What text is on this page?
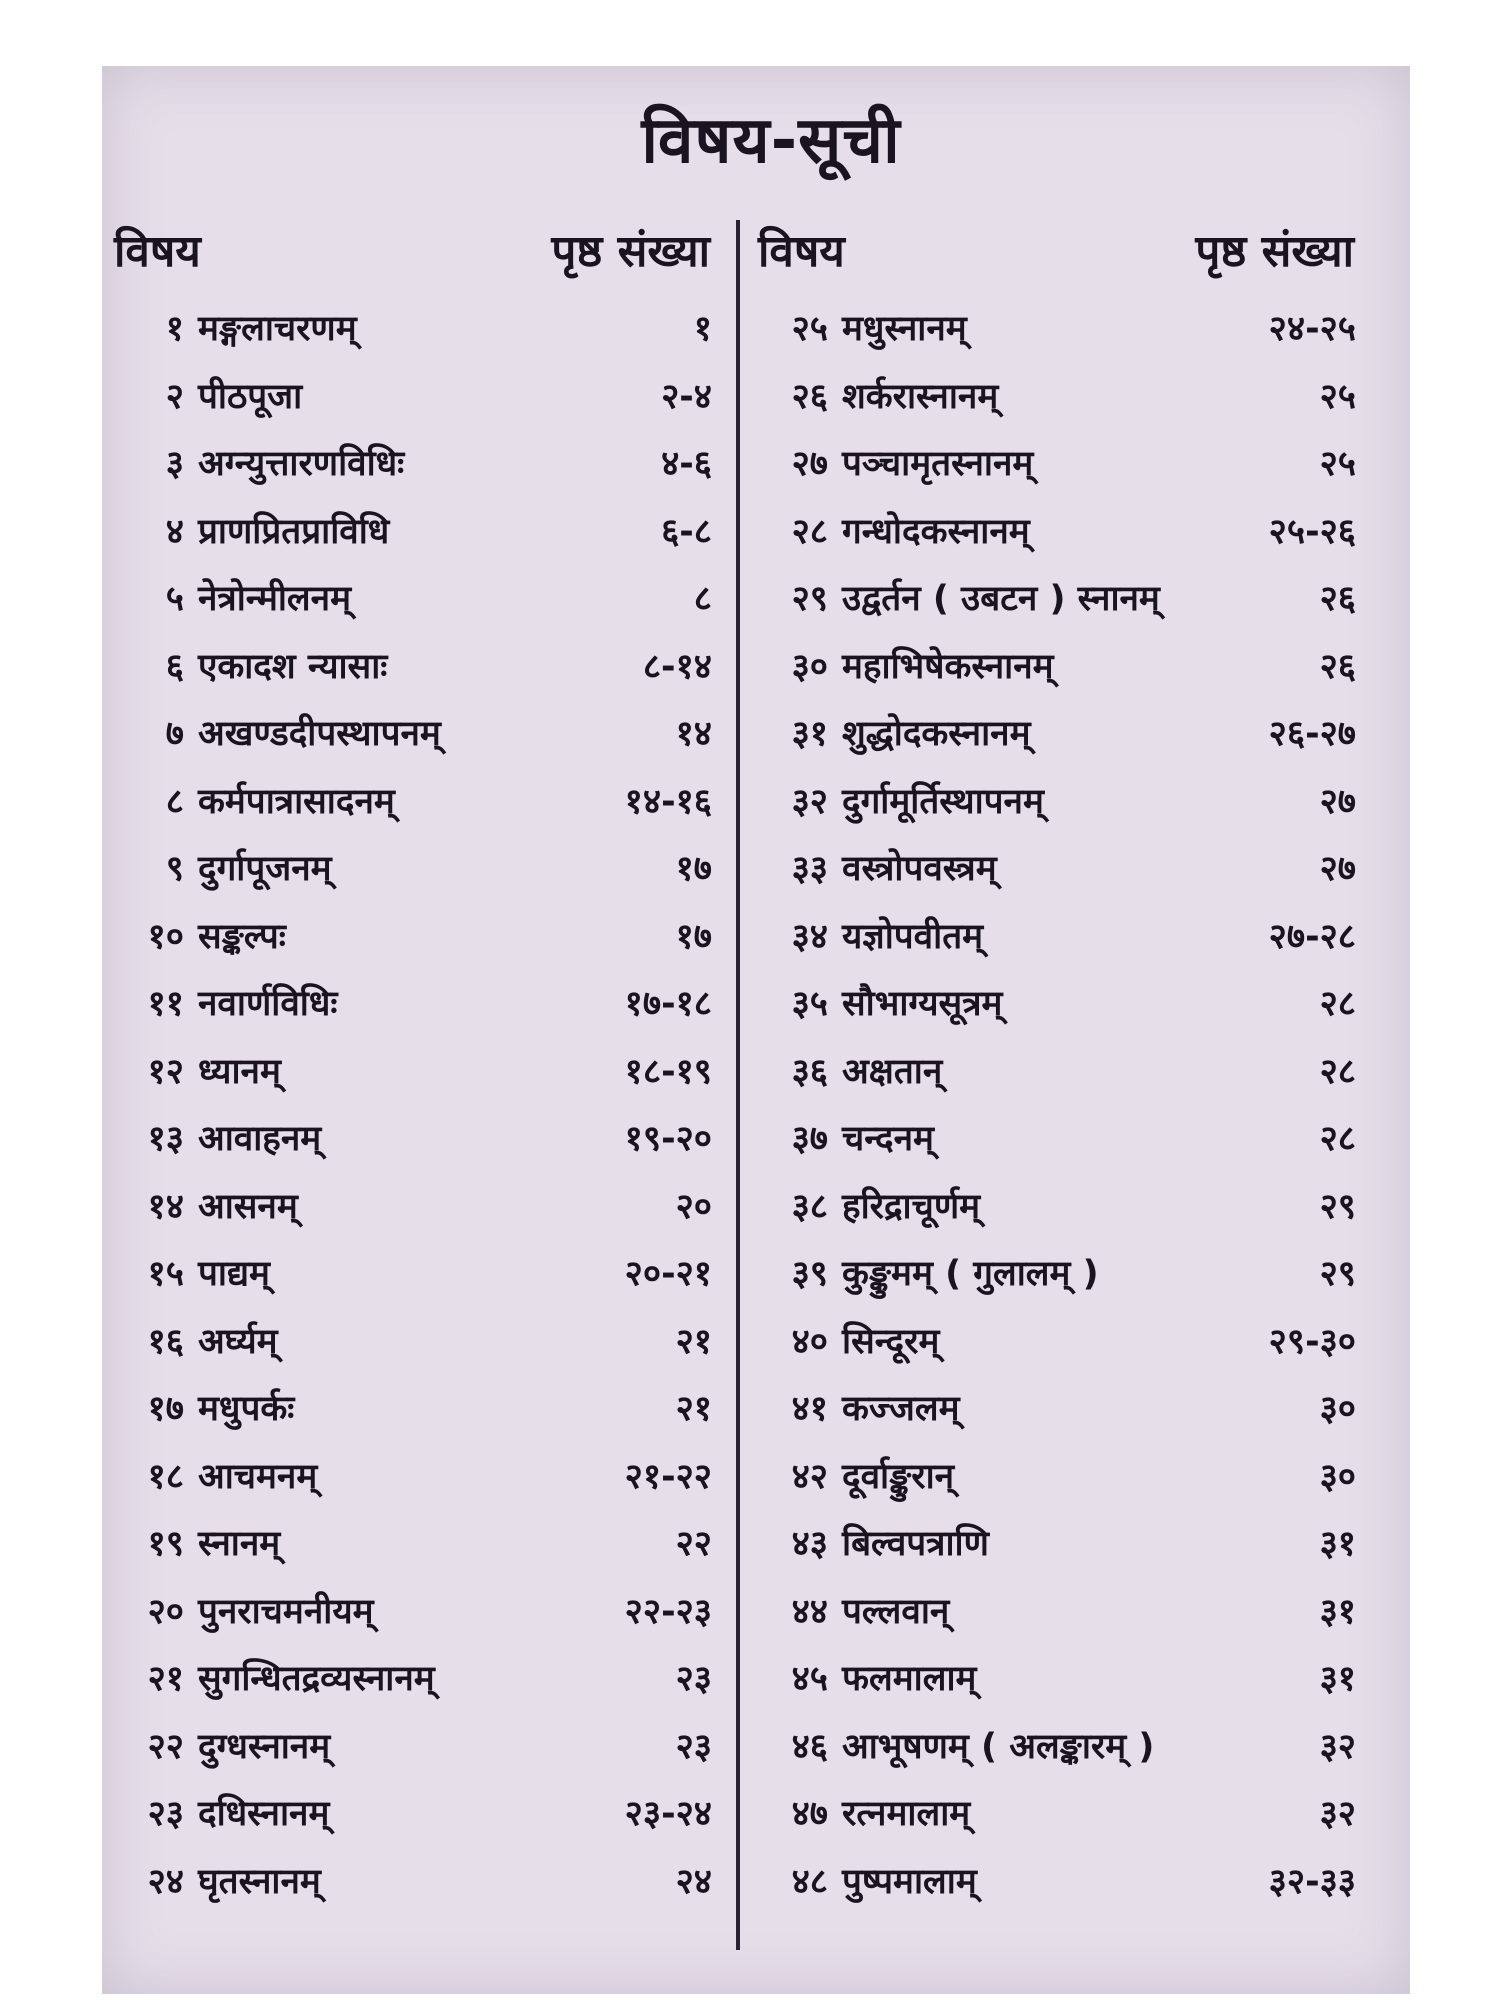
विषय-सूची
विषय	पृष्ठ संख्या विषय	पृष्ठ संख्या
१ मङ्गलाचरणम्	१
२ पीठपूजा	२-४
३ अग्न्युत्तारणविधिः	४-६
४ प्राणप्रितप्राविधि	६-८
५ नेत्रोन्मीलनम्	८
६ एकादश न्यासाः	८-१४
७ अखण्डदीपस्थापनम्	१४
८ कर्मपात्रासादनम्	१४-१६
९ दुर्गापूजनम्	१७
१० सङ्कल्पः	१७
११ नवार्णविधिः	१७-१८
१२ ध्यानम्	१८-१९
१३ आवाहनम्	१९-२०
१४ आसनम्	२०
१५ पाद्यम्	२०-२१
१६ अर्घ्यम्	२१
१७ मधुपर्कः	२१
१८ आचमनम्	२१-२२
१९ स्नानम्	२२
२० पुनराचमनीयम्	२२-२३
२१ सुगन्धितद्रव्यस्नानम्	२३
२२ दुग्धस्नानम्	२३
२३ दधिस्नानम्	२३-२४
२४ घृतस्नानम्	२४
२५ मधुस्नानम्	२४-२५
२६ शर्करास्नानम्	२५
२७ पञ्चामृतस्नानम्	२५
२८ गन्धोदकस्नानम्	२५-२६
२९ उद्वर्तन ( उबटन ) स्नानम्	२६
३० महाभिषेकस्नानम्	२६
३१ शुद्धोदकस्नानम्	२६-२७
३२ दुर्गामूर्तिस्थापनम्	२७
३३ वस्त्रोपवस्त्रम्	२७
३४ यज्ञोपवीतम्	२७-२८
३५ सौभाग्यसूत्रम्	२८
३६ अक्षतान्	२८
३७ चन्दनम्	२८
३८ हरिद्राचूर्णम्	२९
३९ कुङ्कुमम् ( गुलालम् )	२९
४० सिन्दूरम्	२९-३०
४१ कज्जलम्	३०
४२ दूर्वाङ्कुरान्	३०
४३ बिल्वपत्राणि	३१
४४ पल्लवान्	३१
४५ फलमालाम्	३१
४६ आभूषणम् ( अलङ्कारम् )	३२
४७ रत्नमालाम्	३२
४८ पुष्पमालाम्	३२-३३
